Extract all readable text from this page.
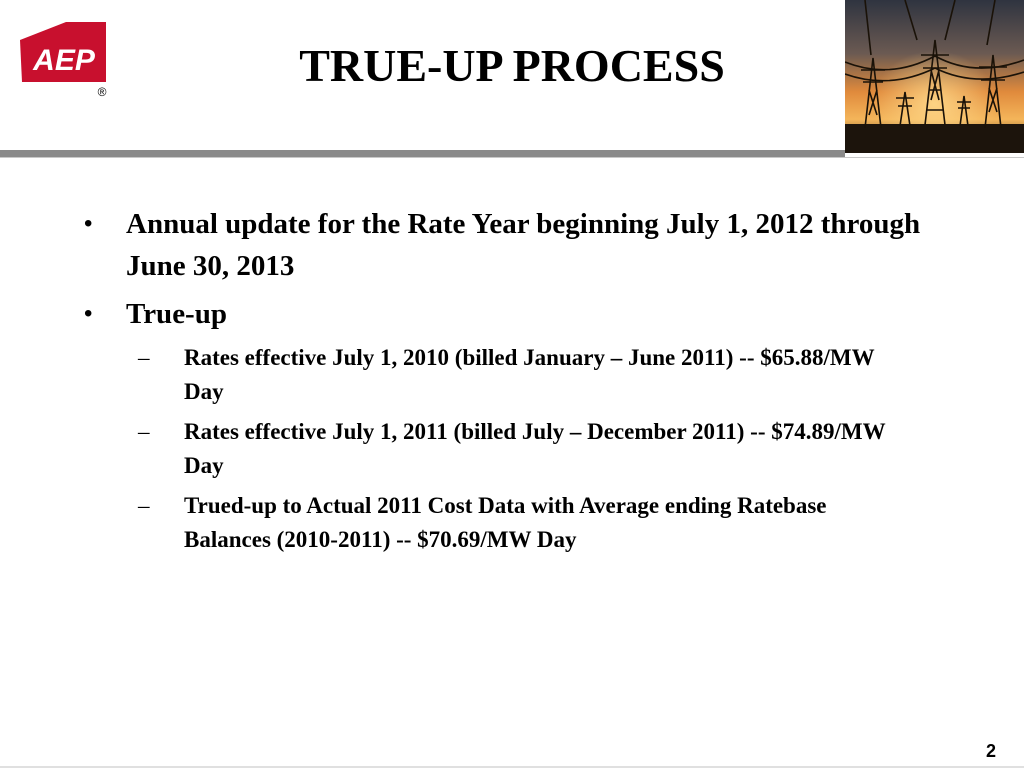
AEP
®
TRUE-UP PROCESS
• Annual update for the Rate Year beginning July 1, 2012 through June 30, 2013
• True-up
– Rates effective July 1, 2010 (billed January – June 2011) -- $65.88/MW Day
– Rates effective July 1, 2011 (billed July – December 2011) -- $74.89/MW Day
– Trued-up to Actual 2011 Cost Data with Average ending Ratebase Balances (2010-2011) -- $70.69/MW Day
2
